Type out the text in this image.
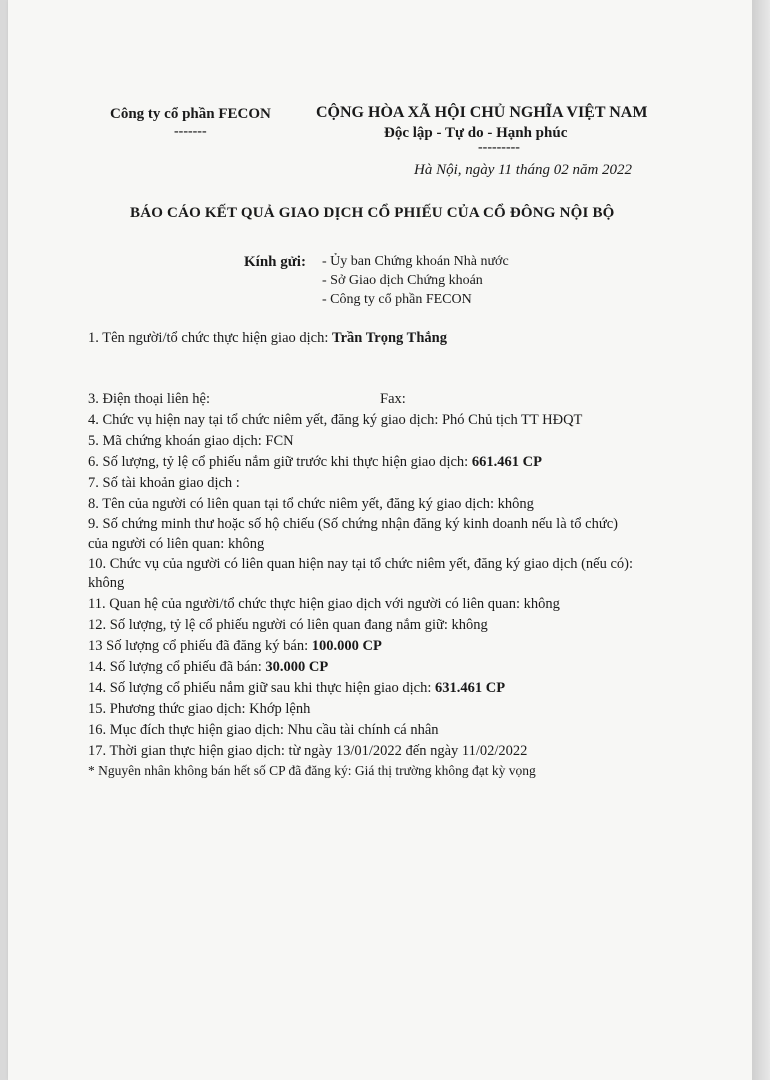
Công ty cổ phần FECON
-------
CỘNG HÒA XÃ HỘI CHỦ NGHĨA VIỆT NAM
Độc lập - Tự do - Hạnh phúc
---------
Hà Nội, ngày 11 tháng 02 năm 2022
BÁO CÁO KẾT QUẢ GIAO DỊCH CỔ PHIẾU CỦA CỔ ĐÔNG NỘI BỘ
Kính gửi: - Ủy ban Chứng khoán Nhà nước
- Sở Giao dịch Chứng khoán
- Công ty cổ phần FECON
1. Tên người/tổ chức thực hiện giao dịch: Trần Trọng Thắng
3. Điện thoại liên hệ:	Fax:
4. Chức vụ hiện nay tại tổ chức niêm yết, đăng ký giao dịch: Phó Chủ tịch TT HĐQT
5. Mã chứng khoán giao dịch: FCN
6. Số lượng, tỷ lệ cổ phiếu nắm giữ trước khi thực hiện giao dịch: 661.461 CP
7. Số tài khoản giao dịch :
8. Tên của người có liên quan tại tổ chức niêm yết, đăng ký giao dịch: không
9. Số chứng minh thư hoặc số hộ chiếu (Số chứng nhận đăng ký kinh doanh nếu là tổ chức)
của người có liên quan: không
10. Chức vụ của người có liên quan hiện nay tại tổ chức niêm yết, đăng ký giao dịch (nếu có):
không
11. Quan hệ của người/tổ chức thực hiện giao dịch với người có liên quan: không
12. Số lượng, tỷ lệ cổ phiếu người có liên quan đang nắm giữ: không
13 Số lượng cổ phiếu đã đăng ký bán: 100.000 CP
14. Số lượng cổ phiếu đã bán: 30.000 CP
14. Số lượng cổ phiếu nắm giữ sau khi thực hiện giao dịch: 631.461 CP
15. Phương thức giao dịch: Khớp lệnh
16. Mục đích thực hiện giao dịch: Nhu cầu tài chính cá nhân
17. Thời gian thực hiện giao dịch: từ ngày 13/01/2022 đến ngày 11/02/2022
* Nguyên nhân không bán hết số CP đã đăng ký: Giá thị trường không đạt kỳ vọng
